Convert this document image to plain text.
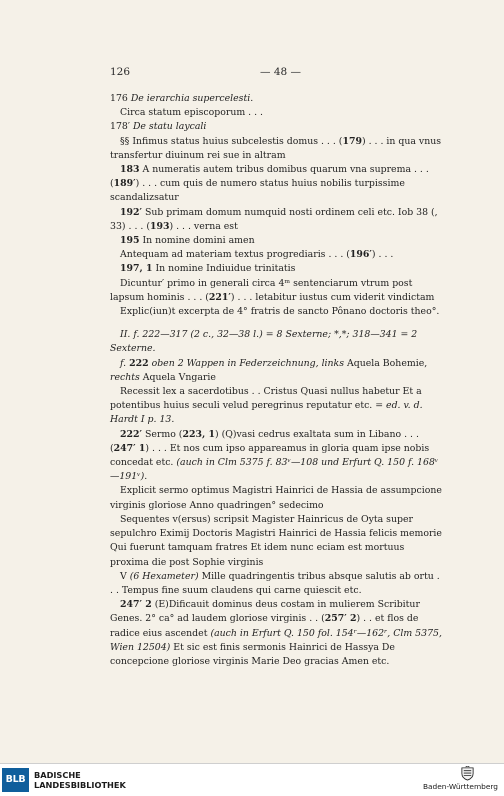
126	— 48 —

176 De ierarchia supercelesti.

Circa statum episcoporum . . .

178′ De statu laycali

§§ Infimus status huius subcelestis domus . . . (179) . . . in qua vnus transfertur diuinum rei sue in altram

183 A numeratis autem tribus domibus quarum vna suprema . . . (189′) . . . cum quis de numero status huius nobilis turpissime scandalizsatur

192′ Sub primam domum numquid nosti ordinem celi etc. Iob 38 (, 33) . . . (193) . . . verna est

195 In nomine domini amen

Antequam ad materiam textus progrediaris . . . (196′) . . .

197, 1 In nomine Indiuidue trinitatis

Dicuntur′ primo in generali circa 4ᵐ sentenciarum vtrum post lapsum hominis . . . (221′) . . . letabitur iustus cum viderit vindictam

Explic(iun)t excerpta de 4° fratris de sancto Pônano doctoris theo°.

II. f. 222—317 (2 c., 32—38 l.) = 8 Sexterne; *,*; 318—341 = 2 Sexterne.

f. 222 oben 2 Wappen in Federzeichnung, links Aquela Bohemie, rechts Aquela Vngarie

Recessit lex a sacerdotibus . . Cristus Quasi nullus habetur Et a potentibus huius seculi velud peregrinus reputatur etc. = ed. v. d. Hardt I p. 13.

222′ Sermo (223, 1) (Q)vasi cedrus exaltata sum in Libano . . . (247′ 1) . . . Et nos cum ipso appareamus in gloria quam ipse nobis concedat etc. (auch in Clm 5375 f. 83ᵛ—108 und Erfurt Q. 150 f. 168ᵛ—191ᵛ).

Explicit sermo optimus Magistri Hainrici de Hassia de assumpcione virginis gloriose Anno quadringen° sedecimo

Sequentes v(ersus) scripsit Magister Hainricus de Oyta super sepulchro Eximij Doctoris Magistri Hainrici de Hassia felicis memorie Qui fuerunt tamquam fratres Et idem nunc eciam est mortuus proxima die post Sophie virginis

V (6 Hexameter) Mille quadringentis tribus absque salutis ab ortu . . . Tempus fine suum claudens qui carne quiescit etc.

247′ 2 (E)Dificauit dominus deus costam in mulierem Scribitur Genes. 2° ca° ad laudem gloriose virginis . . (257′ 2) . . et flos de radice eius ascendet (auch in Erfurt Q. 150 fol. 154ʳ—162ʳ, Clm 5375, Wien 12504) Et sic est finis sermonis Hainrici de Hassya De concepcione gloriose virginis Marie Deo gracias Amen etc.

BLB	BADISCHE
LANDESBIBLIOTHEK	Baden-Württemberg
